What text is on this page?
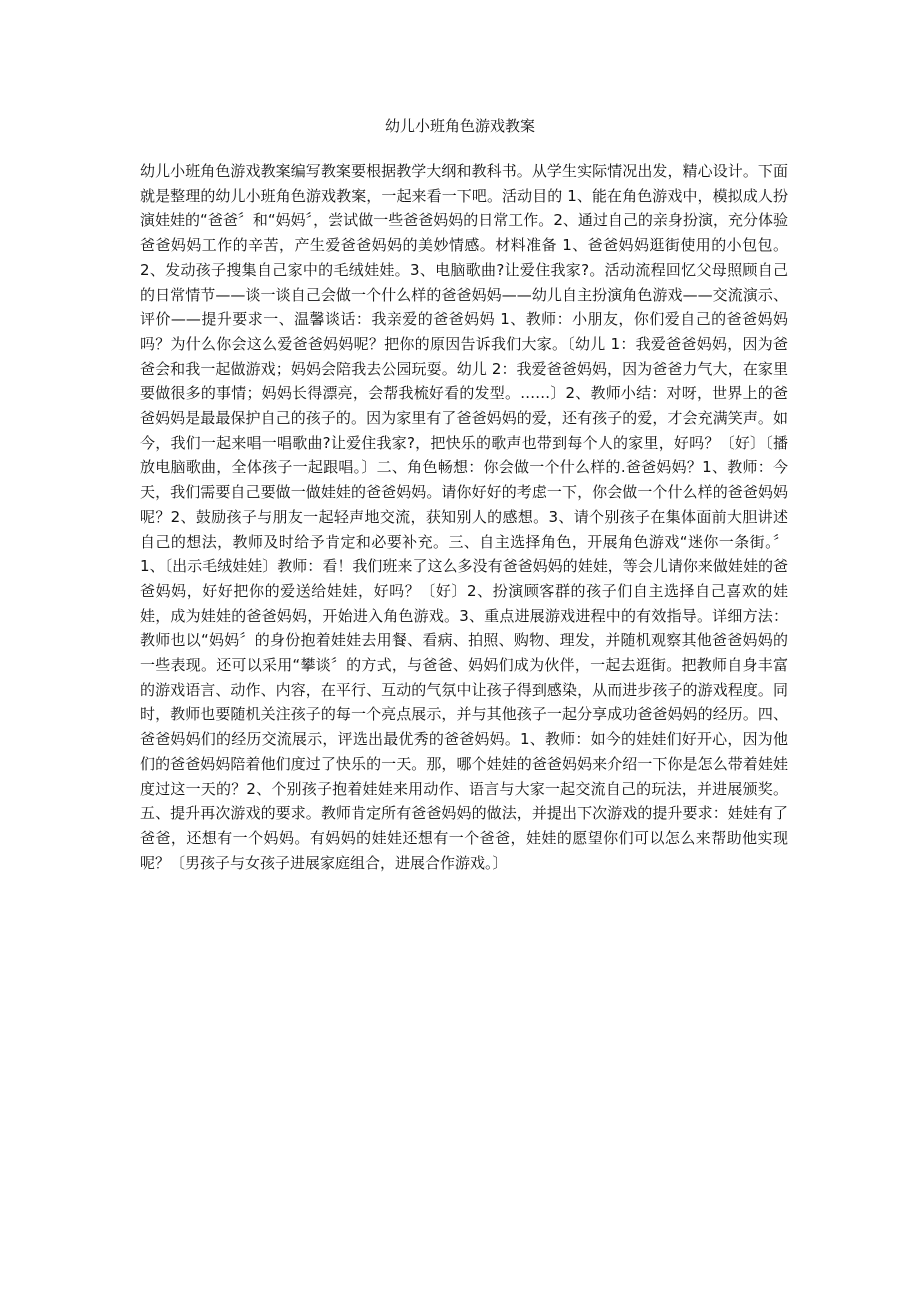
幼儿小班角色游戏教案
幼儿小班角色游戏教案编写教案要根据教学大纲和教科书。从学生实际情况出发，精心设计。下面就是整理的幼儿小班角色游戏教案，一起来看一下吧。活动目的 1、能在角色游戏中，模拟成人扮演娃娃的“爸爸〞和“妈妈〞，尝试做一些爸爸妈妈的日常工作。2、通过自己的亲身扮演，充分体验爸爸妈妈工作的辛苦，产生爱爸爸妈妈的美妙情感。材料准备 1、爸爸妈妈逛街使用的小包包。2、发动孩子搜集自己家中的毛绒娃娃。3、电脑歌曲?让爱住我家?。活动流程回忆父母照顾自己的日常情节——谈一谈自己会做一个什么样的爸爸妈妈——幼儿自主扮演角色游戏——交流演示、评价——提升要求一、温馨谈话：我亲爱的爸爸妈妈 1、教师：小朋友，你们爱自己的爸爸妈妈吗？为什么你会这么爱爸爸妈妈呢？把你的原因告诉我们大家。〔幼儿 1：我爱爸爸妈妈，因为爸爸会和我一起做游戏；妈妈会陪我去公园玩耍。幼儿 2：我爱爸爸妈妈，因为爸爸力气大，在家里要做很多的事情；妈妈长得漂亮，会帮我梳好看的发型。……〕2、教师小结：对呀，世界上的爸爸妈妈是最最保护自己的孩子的。因为家里有了爸爸妈妈的爱，还有孩子的爱，才会充满笑声。如今，我们一起来唱一唱歌曲?让爱住我家?，把快乐的歌声也带到每个人的家里，好吗？〔好〕〔播放电脑歌曲，全体孩子一起跟唱。〕二、角色畅想：你会做一个什么样的.爸爸妈妈？1、教师：今天，我们需要自己要做一做娃娃的爸爸妈妈。请你好好的考虑一下，你会做一个什么样的爸爸妈妈呢？2、鼓励孩子与朋友一起轻声地交流，获知别人的感想。3、请个别孩子在集体面前大胆讲述自己的想法，教师及时给予肯定和必要补充。三、自主选择角色，开展角色游戏“迷你一条街。〞1、〔出示毛绒娃娃〕教师：看！我们班来了这么多没有爸爸妈妈的娃娃，等会儿请你来做娃娃的爸爸妈妈，好好把你的爱送给娃娃，好吗？〔好〕2、扮演顾客群的孩子们自主选择自己喜欢的娃娃，成为娃娃的爸爸妈妈，开始进入角色游戏。3、重点进展游戏进程中的有效指导。详细方法：教师也以“妈妈〞的身份抱着娃娃去用餐、看病、拍照、购物、理发，并随机观察其他爸爸妈妈的一些表现。还可以采用“攀谈〞的方式，与爸爸、妈妈们成为伙伴，一起去逛街。把教师自身丰富的游戏语言、动作、内容，在平行、互动的气氛中让孩子得到感染，从而进步孩子的游戏程度。同时，教师也要随机关注孩子的每一个亮点展示，并与其他孩子一起分享成功爸爸妈妈的经历。四、爸爸妈妈们的经历交流展示，评选出最优秀的爸爸妈妈。1、教师：如今的娃娃们好开心，因为他们的爸爸妈妈陪着他们度过了快乐的一天。那，哪个娃娃的爸爸妈妈来介绍一下你是怎么带着娃娃度过这一天的？2、个别孩子抱着娃娃来用动作、语言与大家一起交流自己的玩法，并进展颁奖。五、提升再次游戏的要求。教师肯定所有爸爸妈妈的做法，并提出下次游戏的提升要求：娃娃有了爸爸，还想有一个妈妈。有妈妈的娃娃还想有一个爸爸，娃娃的愿望你们可以怎么来帮助他实现呢？〔男孩子与女孩子进展家庭组合，进展合作游戏。〕
